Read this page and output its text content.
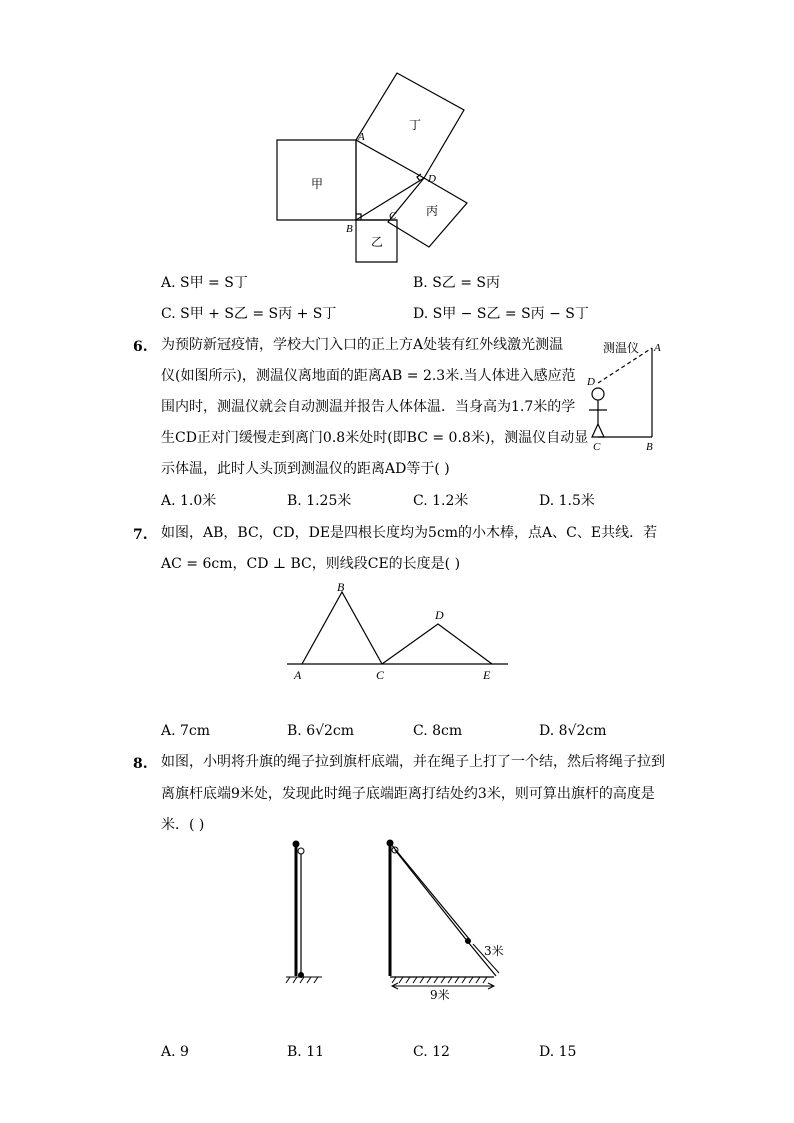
甲
乙
丙
丁
A
B
C
D
A. S甲 = S丁	B. S乙 = S丙
C. S甲 + S乙 = S丙 + S丁	D. S甲 − S乙 = S丙 − S丁
6. 为预防新冠疫情，学校大门入口的正上方A处装有红外线激光测温
仪(如图所示)，测温仪离地面的距离AB = 2.3米.当人体进入感应范
围内时，测温仪就会自动测温并报告人体体温．当身高为1.7米的学
生CD正对门缓慢走到离门0.8米处时(即BC = 0.8米)，测温仪自动显
示体温，此时人头顶到测温仪的距离AD等于( )
测温仪 A
B
C
D
A. 1.0米	B. 1.25米	C. 1.2米	D. 1.5米
7. 如图，AB，BC，CD，DE是四根长度均为5cm的小木棒，点A、C、E共线．若
AC = 6cm，CD ⊥ BC，则线段CE的长度是( )
A
B
C
D
E
A. 7cm	B. 6√2cm	C. 8cm	D. 8√2cm
8. 如图，小明将升旗的绳子拉到旗杆底端，并在绳子上打了一个结，然后将绳子拉到
离旗杆底端9米处，发现此时绳子底端距离打结处约3米，则可算出旗杆的高度是
米．( )
3米
9米
A. 9	B. 11	C. 12	D. 15
